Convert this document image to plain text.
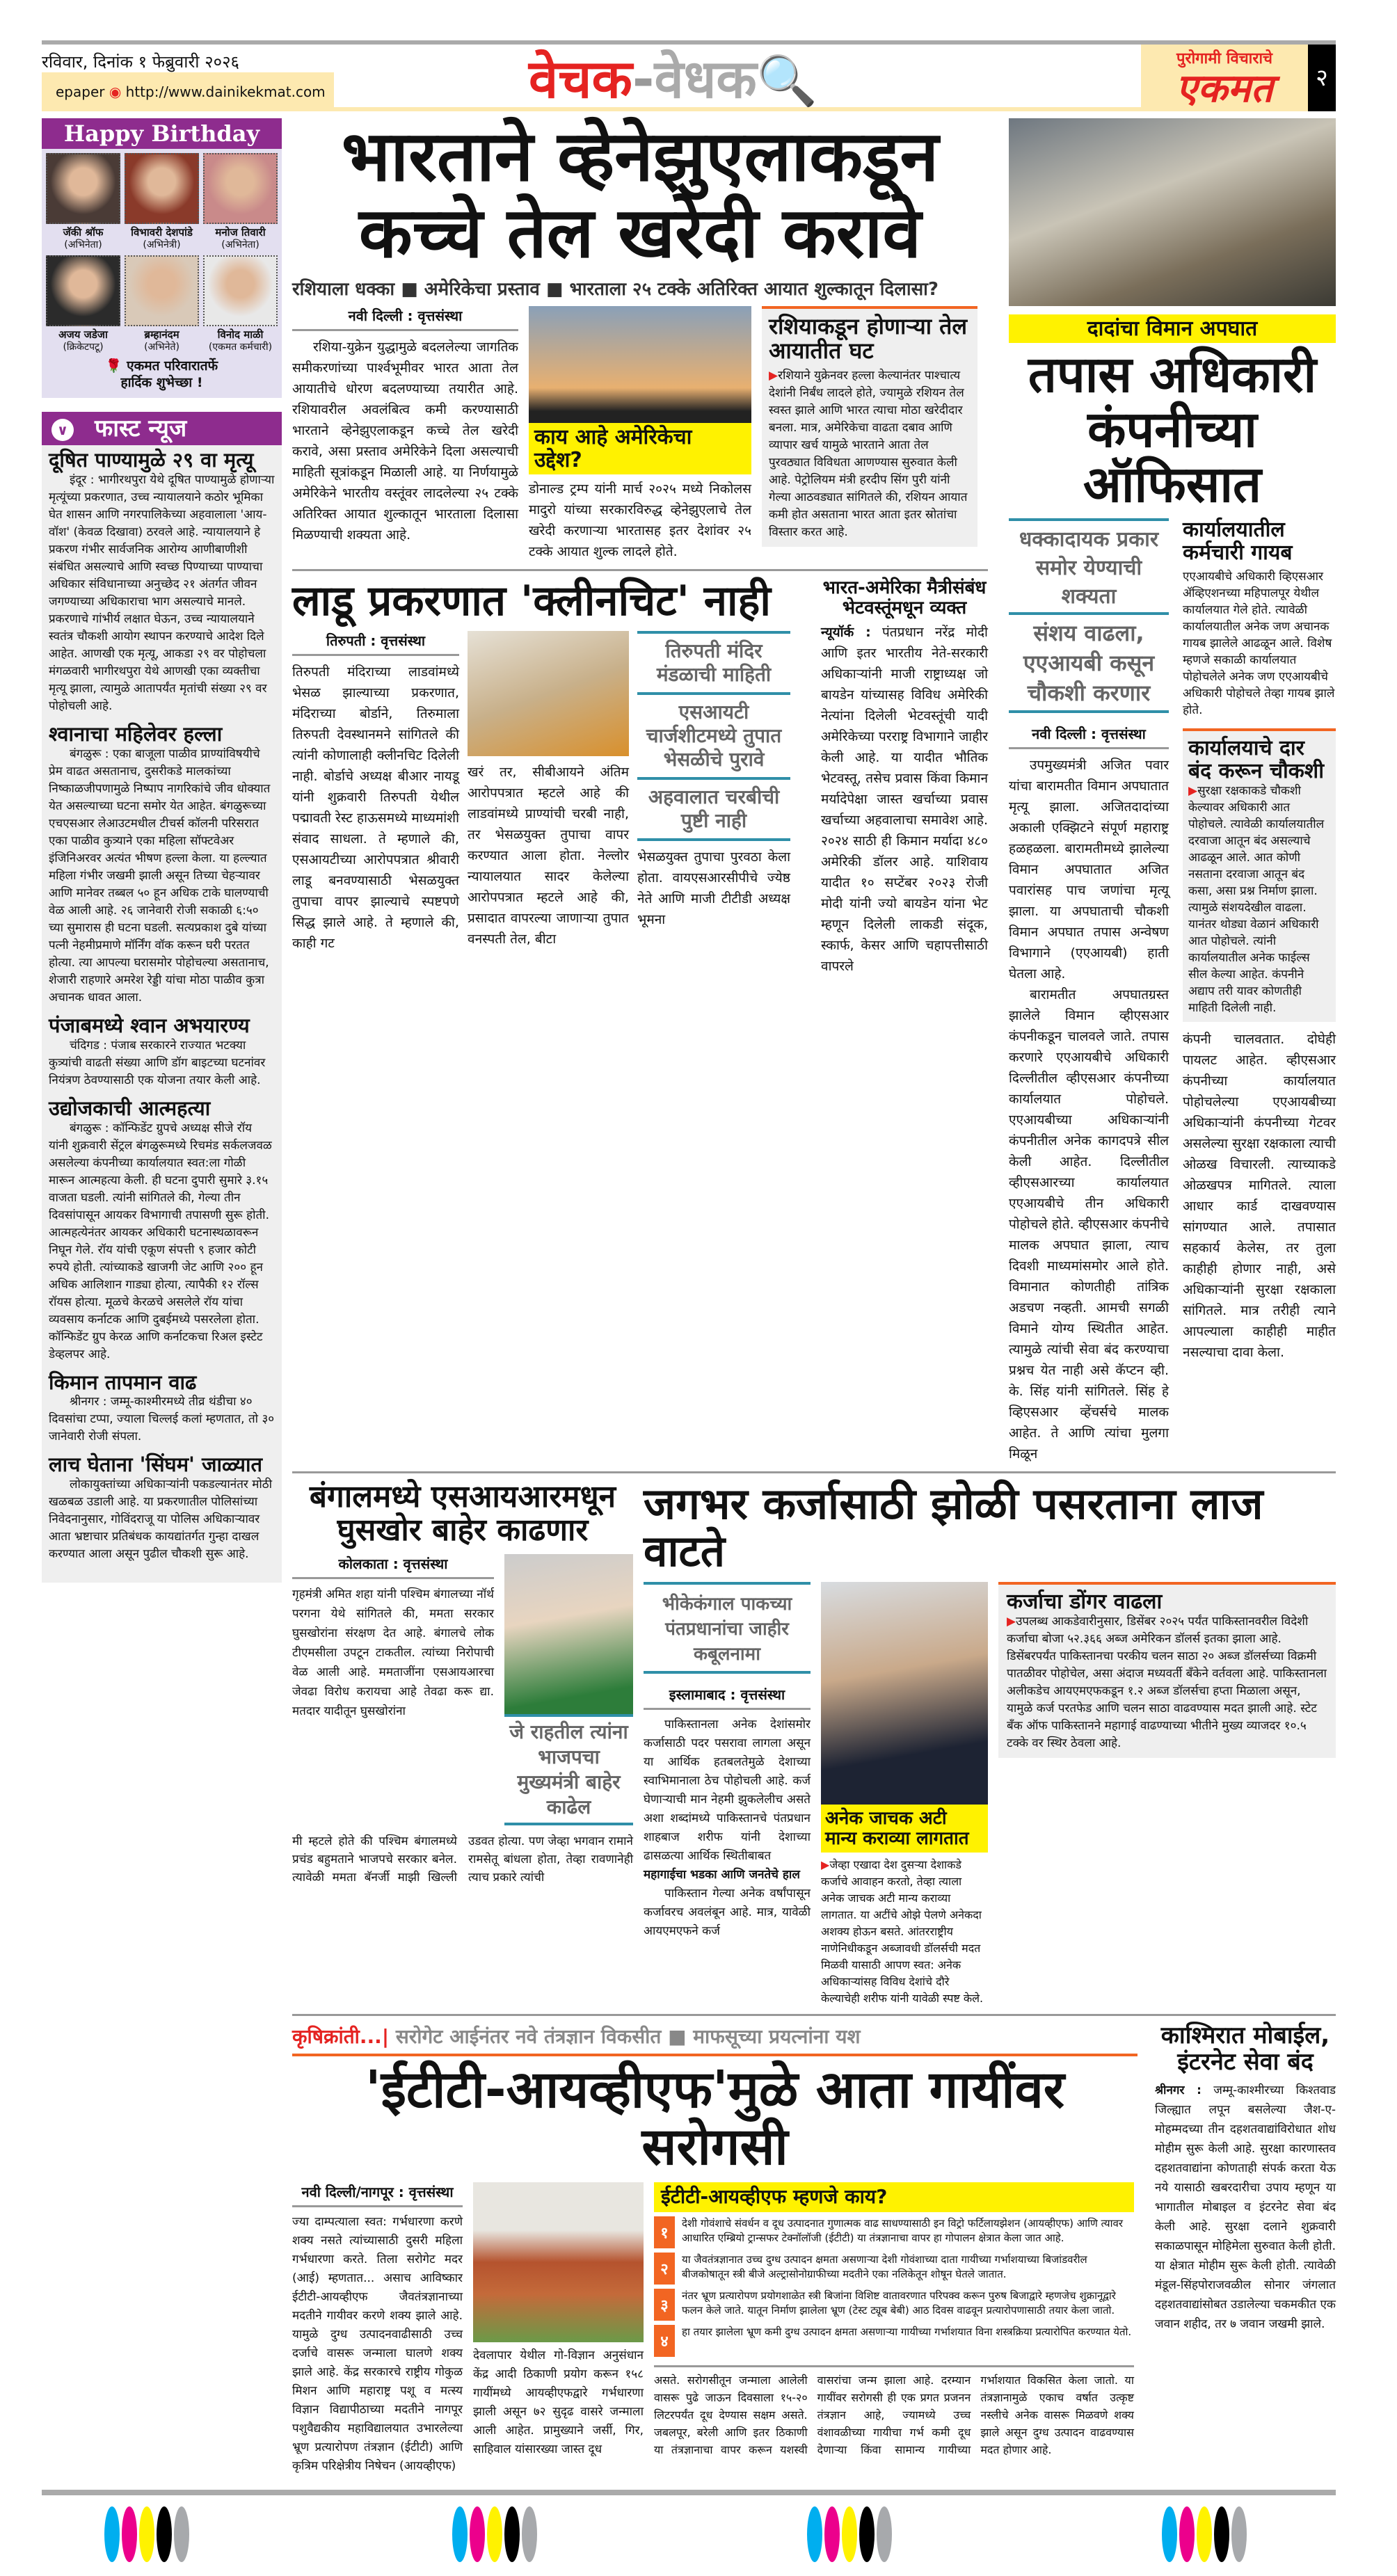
रविवार, दिनांक १ फेब्रुवारी २०२६
epaper ◉ http://www.dainikekmat.com	वेचक-वेधक🔍	पुरोगामी विचाराचे
एकमत	२
Happy Birthday
जॅकी श्रॉफ
(अभिनेता)
विभावरी देशपांडे
(अभिनेत्री)
मनोज तिवारी
(अभिनेता)
अजय जडेजा
(क्रिकेटपटू)
ब्रम्हानंदम
(अभिनेते)
विनोद माळी
(एकमत कर्मचारी)
🌹 एकमत परिवारातर्फे
हार्दिक शुभेच्छा !
∨ फास्ट न्यूज
दूषित पाण्यामुळे २९ वा मृत्यू
इंदूर : भागीरथपुरा येथे दूषित पाण्यामुळे होणाऱ्या मृत्यूंच्या प्रकरणात, उच्च न्यायालयाने कठोर भूमिका घेत शासन आणि नगरपालिकेच्या अहवालाला 'आय-वॉश' (केवळ दिखावा) ठरवले आहे. न्यायालयाने हे प्रकरण गंभीर सार्वजनिक आरोग्य आणीबाणीशी संबंधित असल्याचे आणि स्वच्छ पिण्याच्या पाण्याचा अधिकार संविधानाच्या अनुच्छेद २१ अंतर्गत जीवन जगण्याच्या अधिकाराचा भाग असल्याचे मानले. प्रकरणाचे गांभीर्य लक्षात घेऊन, उच्च न्यायालयाने स्वतंत्र चौकशी आयोग स्थापन करण्याचे आदेश दिले आहेत. आणखी एक मृत्यू, आकडा २९ वर पोहोचला मंगळवारी भागीरथपुरा येथे आणखी एका व्यक्तीचा मृत्यू झाला, त्यामुळे आतापर्यंत मृतांची संख्या २९ वर पोहोचली आहे.
श्वानाचा महिलेवर हल्ला
बंगळुरू : एका बाजूला पाळीव प्राण्यांविषयीचे प्रेम वाढत असतानाच, दुसरीकडे मालकांच्या निष्काळजीपणामुळे निष्पाप नागरिकांचे जीव धोक्यात येत असल्याच्या घटना समोर येत आहेत. बंगळुरूच्या एचएसआर लेआउटमधील टीचर्स कॉलनी परिसरात एका पाळीव कुत्र्याने एका महिला सॉफ्टवेअर इंजिनिअरवर अत्यंत भीषण हल्ला केला. या हल्ल्यात महिला गंभीर जखमी झाली असून तिच्या चेहऱ्यावर आणि मानेवर तब्बल ५० हून अधिक टाके घालण्याची वेळ आली आहे. २६ जानेवारी रोजी सकाळी ६:५० च्या सुमारास ही घटना घडली. सत्यप्रकाश दुबे यांच्या पत्नी नेहमीप्रमाणे मॉर्निंग वॉक करून घरी परतत होत्या. त्या आपल्या घरासमोर पोहोचल्या असतानाच, शेजारी राहणारे अमरेश रेड्डी यांचा मोठा पाळीव कुत्रा अचानक धावत आला.
पंजाबमध्ये श्वान अभयारण्य
चंदिगड : पंजाब सरकारने राज्यात भटक्या कुत्र्यांची वाढती संख्या आणि डॉग बाइटच्या घटनांवर नियंत्रण ठेवण्यासाठी एक योजना तयार केली आहे.
उद्योजकाची आत्महत्या
बंगळुरू : कॉन्फिडेंट ग्रुपचे अध्यक्ष सीजे रॉय यांनी शुक्रवारी सेंट्रल बंगळुरूमध्ये रिचमंड सर्कलजवळ असलेल्या कंपनीच्या कार्यालयात स्वत:ला गोळी मारून आत्महत्या केली. ही घटना दुपारी सुमारे ३.१५ वाजता घडली. त्यांनी सांगितले की, गेल्या तीन दिवसांपासून आयकर विभागाची तपासणी सुरू होती. आत्महत्येनंतर आयकर अधिकारी घटनास्थळावरून निघून गेले. रॉय यांची एकूण संपत्ती ९ हजार कोटी रुपये होती. त्यांच्याकडे खाजगी जेट आणि २०० हून अधिक आलिशान गाड्या होत्या, त्यापैकी १२ रॉल्स रॉयस होत्या. मूळचे केरळचे असलेले रॉय यांचा व्यवसाय कर्नाटक आणि दुबईमध्ये पसरलेला होता. कॉन्फिडेंट ग्रुप केरळ आणि कर्नाटकचा रिअल इस्टेट डेव्हलपर आहे.
किमान तापमान वाढ
श्रीनगर : जम्मू-काश्मीरमध्ये तीव्र थंडीचा ४० दिवसांचा टप्पा, ज्याला चिल्लई कलां म्हणतात, तो ३० जानेवारी रोजी संपला.
लाच घेताना 'सिंघम' जाळ्यात
लोकायुक्तांच्या अधिकाऱ्यांनी पकडल्यानंतर मोठी खळबळ उडाली आहे. या प्रकरणातील पोलिसांच्या निवेदनानुसार, गोविंदराजू या पोलिस अधिकाऱ्यावर आता भ्रष्टाचार प्रतिबंधक कायद्यांतर्गत गुन्हा दाखल करण्यात आला असून पुढील चौकशी सुरू आहे.
भारताने व्हेनेझुएलाकडून
कच्चे तेल खरेदी करावे
रशियाला धक्का ■ अमेरिकेचा प्रस्ताव ■ भारताला २५ टक्के अतिरिक्त आयात शुल्कातून दिलासा?
नवी दिल्ली : वृत्तसंस्था

रशिया-युक्रेन युद्धामुळे बदललेल्या जागतिक समीकरणांच्या पार्श्वभूमीवर भारत आता तेल आयातीचे धोरण बदलण्याच्या तयारीत आहे. रशियावरील अवलंबित्व कमी करण्यासाठी भारताने व्हेनेझुएलाकडून कच्चे तेल खरेदी करावे, असा प्रस्ताव अमेरिकेने दिला असल्याची माहिती सूत्रांकडून मिळाली आहे. या निर्णयामुळे अमेरिकेने भारतीय वस्तूंवर लादलेल्या २५ टक्के अतिरिक्त आयात शुल्कातून भारताला दिलासा मिळण्याची शक्यता आहे.

काय आहे अमेरिकेचा उद्देश?
डोनाल्ड ट्रम्प यांनी मार्च २०२५ मध्ये निकोलस मादुरो यांच्या सरकारविरुद्ध व्हेनेझुएलाचे तेल खरेदी करणाऱ्या भारतासह इतर देशांवर २५ टक्के आयात शुल्क लादले होते.
रशियाकडून होणाऱ्या तेल आयातीत घट
▶ रशियाने युक्रेनवर हल्ला केल्यानंतर पाश्चात्य देशांनी निर्बंध लादले होते, ज्यामुळे रशियन तेल स्वस्त झाले आणि भारत त्याचा मोठा खरेदीदार बनला. मात्र, अमेरिकेचा वाढता दबाव आणि व्यापार खर्च यामुळे भारताने आता तेल पुरवठ्यात विविधता आणण्यास सुरुवात केली आहे. पेट्रोलियम मंत्री हरदीप सिंग पुरी यांनी गेल्या आठवड्यात सांगितले की, रशियन आयात कमी होत असताना भारत आता इतर स्रोतांचा विस्तार करत आहे.
लाडू प्रकरणात 'क्लीनचिट' नाही
तिरुपती : वृत्तसंस्था
तिरुपती मंदिराच्या लाडवांमध्ये भेसळ झाल्याच्या प्रकरणात, मंदिराच्या बोर्डाने, तिरुमाला तिरुपती देवस्थानमने सांगितले की त्यांनी कोणालाही क्लीनचिट दिलेली नाही. बोर्डाचे अध्यक्ष बीआर नायडू यांनी शुक्रवारी तिरुपती येथील पद्मावती रेस्ट हाऊसमध्ये माध्यमांशी संवाद साधला. ते म्हणाले की, एसआयटीच्या आरोपपत्रात श्रीवारी लाडू बनवण्यासाठी भेसळयुक्त तुपाचा वापर झाल्याचे स्पष्टपणे सिद्ध झाले आहे. ते म्हणाले की, काही गट
खरं तर, सीबीआयने अंतिम आरोपपत्रात म्हटले आहे की लाडवांमध्ये प्राण्यांची चरबी नाही, तर भेसळयुक्त तुपाचा वापर करण्यात आला होता. नेल्लोर न्यायालयात सादर केलेल्या आरोपपत्रात म्हटले आहे की, प्रसादात वापरल्या जाणाऱ्या तुपात वनस्पती तेल, बीटा
तिरुपती मंदिर मंडळाची माहिती
एसआयटी चार्जशीटमध्ये तुपात भेसळीचे पुरावे
अहवालात चरबीची पुष्टी नाही
भेसळयुक्त तुपाचा पुरवठा केला होता. वायएसआरसीपीचे ज्येष्ठ नेते आणि माजी टीटीडी अध्यक्ष भूमना
भारत-अमेरिका मैत्रीसंबंध भेटवस्तूंमधून व्यक्त
न्यूयॉर्क : पंतप्रधान नरेंद्र मोदी आणि इतर भारतीय नेते-सरकारी अधिकाऱ्यांनी माजी राष्ट्राध्यक्ष जो बायडेन यांच्यासह विविध अमेरिकी नेत्यांना दिलेली भेटवस्तूंची यादी अमेरिकेच्या परराष्ट्र विभागाने जाहीर केली आहे. या यादीत भौतिक भेटवस्तू, तसेच प्रवास किंवा किमान मर्यादेपेक्षा जास्त खर्चाच्या प्रवास खर्चाच्या अहवालाचा समावेश आहे. २०२४ साठी ही किमान मर्यादा ४८० अमेरिकी डॉलर आहे. याशिवाय यादीत १० सप्टेंबर २०२३ रोजी मोदी यांनी ज्यो बायडेन यांना भेट म्हणून दिलेली लाकडी संदूक, स्कार्फ, केसर आणि चहापत्तीसाठी वापरले
दादांचा विमान अपघात
तपास अधिकारी
कंपनीच्या ऑफिसात
धक्कादायक प्रकार समोर येण्याची शक्यता
संशय वाढला, एएआयबी कसून चौकशी करणार
नवी दिल्ली : वृत्तसंस्था

उपमुख्यमंत्री अजित पवार यांचा बारामतीत विमान अपघातात मृत्यू झाला. अजितदादांच्या अकाली एक्झिटने संपूर्ण महाराष्ट्र हळहळला. बारामतीमध्ये झालेल्या विमान अपघातात अजित पवारांसह पाच जणांचा मृत्यू झाला. या अपघाताची चौकशी विमान अपघात तपास अन्वेषण विभागाने (एएआयबी) हाती घेतला आहे.

बारामतीत अपघातग्रस्त झालेले विमान व्हीएसआर कंपनीकडून चालवले जाते. तपास करणारे एएआयबीचे अधिकारी दिल्लीतील व्हीएसआर कंपनीच्या कार्यालयात पोहोचले. एएआयबीच्या अधिकाऱ्यांनी कंपनीतील अनेक कागदपत्रे सील केली आहेत. दिल्लीतील व्हीएसआरच्या कार्यालयात एएआयबीचे तीन अधिकारी पोहोचले होते. व्हीएसआर कंपनीचे मालक अपघात झाला, त्याच दिवशी माध्यमांसमोर आले होते. विमानात कोणतीही तांत्रिक अडचण नव्हती. आमची सगळी विमाने योग्य स्थितीत आहेत. त्यामुळे त्यांची सेवा बंद करण्याचा प्रश्नच येत नाही असे कॅप्टन व्ही. के. सिंह यांनी सांगितले. सिंह हे व्हिएसआर व्हेंचर्सचे मालक आहेत. ते आणि त्यांचा मुलगा मिळून

कार्यालयातील कर्मचारी गायब
एएआयबीचे अधिकारी व्हिएसआर ॲव्हिएशनच्या महिपालपूर येथील कार्यालयात गेले होते. त्यावेळी कार्यालयातील अनेक जण अचानक गायब झालेले आढळून आले. विशेष म्हणजे सकाळी कार्यालयात पोहोचलेले अनेक जण एएआयबीचे अधिकारी पोहोचले तेव्हा गायब झाले होते.
कार्यालयाचे दार बंद करून चौकशी
▶ सुरक्षा रक्षकाकडे चौकशी केल्यावर अधिकारी आत पोहोचले. त्यावेळी कार्यालयातील दरवाजा आतून बंद असल्याचे आढळून आले. आत कोणी नसताना दरवाजा आतून बंद कसा, असा प्रश्न निर्माण झाला. त्यामुळे संशयदेखील वाढला. यानंतर थोड्या वेळानं अधिकारी आत पोहोचले. त्यांनी कार्यालयातील अनेक फाईल्स सील केल्या आहेत. कंपनीने अद्याप तरी यावर कोणतीही माहिती दिलेली नाही.
कंपनी चालवतात. दोघेही पायलट आहेत. व्हीएसआर कंपनीच्या कार्यालयात पोहोचलेल्या एएआयबीच्या अधिकाऱ्यांनी कंपनीच्या गेटवर असलेल्या सुरक्षा रक्षकाला त्याची ओळख विचारली. त्याच्याकडे ओळखपत्र मागितले. त्याला आधार कार्ड दाखवण्यास सांगण्यात आले. तपासात सहकार्य केलेस, तर तुला काहीही होणार नाही, असे अधिकाऱ्यांनी सुरक्षा रक्षकाला सांगितले. मात्र तरीही त्याने आपल्याला काहीही माहीत नसल्याचा दावा केला.
बंगालमध्ये एसआयआरमधून घुसखोर बाहेर काढणार
कोलकाता : वृत्तसंस्था
गृहमंत्री अमित शहा यांनी पश्चिम बंगालच्या नॉर्थ परगना येथे सांगितले की, ममता सरकार घुसखोरांना संरक्षण देत आहे. बंगालचे लोक टीएमसीला उपटून टाकतील. त्यांच्या निरोपाची वेळ आली आहे. ममताजींना एसआयआरचा जेवढा विरोध करायचा आहे तेवढा करू द्या. मतदार यादीतून घुसखोरांना
जे राहतील त्यांना भाजपचा मुख्यमंत्री बाहेर काढेल
मी म्हटले होते की पश्चिम बंगालमध्ये प्रचंड बहुमताने भाजपचे सरकार बनेल. त्यावेळी ममता बॅनर्जी माझी खिल्ली उडवत होत्या. पण जेव्हा भगवान रामाने रामसेतू बांधला होता, तेव्हा रावणानेही त्याच प्रकारे त्यांची
जगभर कर्जासाठी झोळी पसरताना लाज वाटते
भीकेकंगाल पाकच्या पंतप्रधानांचा जाहीर कबूलनामा
इस्लामाबाद : वृत्तसंस्था

पाकिस्तानला अनेक देशांसमोर कर्जासाठी पदर पसरावा लागला असून या आर्थिक हतबलतेमुळे देशाच्या स्वाभिमानाला ठेच पोहोचली आहे. कर्ज घेणाऱ्याची मान नेहमी झुकलेलीच असते अशा शब्दांमध्ये पाकिस्तानचे पंतप्रधान शाहबाज शरीफ यांनी देशाच्या ढासळत्या आर्थिक स्थितीबाबत

महागाईचा भडका आणि जनतेचे हाल

पाकिस्तान गेल्या अनेक वर्षांपासून कर्जावरच अवलंबून आहे. मात्र, यावेळी आयएमएफने कर्ज

अनेक जाचक अटी मान्य कराव्या लागतात
▶ जेव्हा एखादा देश दुसऱ्या देशाकडे कर्जाचे आवाहन करतो, तेव्हा त्याला अनेक जाचक अटी मान्य कराव्या लागतात. या अटींचे ओझे पेलणे अनेकदा अशक्य होऊन बसते. आंतरराष्ट्रीय नाणेनिधीकडून अब्जावधी डॉलर्सची मदत मिळवी यासाठी आपण स्वत: अनेक अधिकाऱ्यांसह विविध देशांचे दौरे केल्याचेही शरीफ यांनी यावेळी स्पष्ट केले.
कर्जाचा डोंगर वाढला
▶ उपलब्ध आकडेवारीनुसार, डिसेंबर २०२५ पर्यंत पाकिस्तानवरील विदेशी कर्जाचा बोजा ५२.३६६ अब्ज अमेरिकन डॉलर्स इतका झाला आहे. डिसेंबरपर्यंत पाकिस्तानचा परकीय चलन साठा २० अब्ज डॉलर्सच्या विक्रमी पातळीवर पोहोचेल, असा अंदाज मध्यवर्ती बँकेने वर्तवला आहे. पाकिस्तानला अलीकडेच आयएमएफकडून १.२ अब्ज डॉलर्सचा हप्ता मिळाला असून, यामुळे कर्ज परतफेड आणि चलन साठा वाढवण्यास मदत झाली आहे. स्टेट बँक ऑफ पाकिस्तानने महागाई वाढण्याच्या भीतीने मुख्य व्याजदर १०.५ टक्के वर स्थिर ठेवला आहे.
कृषिक्रांती...| सरोगेट आईनंतर नवे तंत्रज्ञान विकसीत ■ माफसूच्या प्रयत्नांना यश
'ईटीटी-आयव्हीएफ'मुळे आता गायींवर सरोगसी
नवी दिल्ली/नागपूर : वृत्तसंस्था
ज्या दाम्पत्याला स्वत: गर्भधारणा करणे शक्य नसते त्यांच्यासाठी दुसरी महिला गर्भधारणा करते. तिला सरोगेट मदर (आई) म्हणतात... असाच आविष्कार ईटीटी-आयव्हीएफ जैवतंत्रज्ञानाच्या मदतीने गायीवर करणे शक्य झाले आहे. यामुळे दुग्ध उत्पादनवाढीसाठी उच्च दर्जाचे वासरू जन्माला घालणे शक्य झाले आहे. केंद्र सरकारचे राष्ट्रीय गोकुळ मिशन आणि महाराष्ट्र पशू व मत्स्य विज्ञान विद्यापीठाच्या मदतीने नागपूर पशुवैद्यकीय महाविद्यालयात उभारलेल्या भ्रूण प्रत्यारोपण तंत्रज्ञान (ईटीटी) आणि कृत्रिम परिक्षेत्रीय निषेचन (आयव्हीएफ)
देवलापार येथील गो-विज्ञान अनुसंधान केंद्र आदी ठिकाणी प्रयोग करून १५८ गायींमध्ये आयव्हीएफद्वारे गर्भधारणा झाली असून ७२ सुदृढ वासरे जन्माला आली आहेत. प्रामुख्याने जर्सी, गिर, साहिवाल यांसारख्या जास्त दूध
ईटीटी-आयव्हीएफ म्हणजे काय?
१
देशी गोवंशाचे संवर्धन व दूध उत्पादनात गुणात्मक वाढ साधण्यासाठी इन विट्रो फर्टिलायझेशन (आयव्हीएफ) आणि त्यावर आधारित एम्ब्रियो ट्रान्सफर टेक्नॉलॉजी (ईटीटी) या तंत्रज्ञानाचा वापर हा गोपालन क्षेत्रात केला जात आहे.
२
या जैवतंत्रज्ञानात उच्च दुग्ध उत्पादन क्षमता असणाऱ्या देशी गोवंशाच्या दाता गायीच्या गर्भाशयाच्या बिजांडवरील बीजकोषातून स्त्री बीजे अल्ट्रासोनोग्राफीच्या मदतीने एका नलिकेतून शोषून घेतले जातात.
३
नंतर भ्रूण प्रत्यारोपण प्रयोगशाळेत स्त्री बिजांना विशिष्ट वातावरणात परिपक्व करून पुरुष बिजाद्वारे म्हणजेच शुक्रानूद्वारे फलन केले जाते. यातून निर्माण झालेला भ्रूण (टेस्ट ट्यूब बेबी) आठ दिवस वाढवून प्रत्यारोपणासाठी तयार केला जातो.
४
हा तयार झालेला भ्रूण कमी दुग्ध उत्पादन क्षमता असणाऱ्या गायीच्या गर्भाशयात विना शस्त्रक्रिया प्रत्यारोपित करण्यात येतो.
असते. सरोगसीतून जन्माला आलेली वासरू पुढे जाऊन दिवसाला १५-२० लिटरपर्यंत दूध देण्यास सक्षम असते. जबलपूर, बरेली आणि इतर ठिकाणी या तंत्रज्ञानाचा वापर करून यशस्वी वासरांचा जन्म झाला आहे. दरम्यान गायींवर सरोगसी ही एक प्रगत प्रजनन तंत्रज्ञान आहे, ज्यामध्ये उच्च वंशावळीच्या गायीचा गर्भ कमी दूध देणाऱ्या किंवा सामान्य गायीच्या गर्भाशयात विकसित केला जातो. या तंत्रज्ञानामुळे एकाच वर्षात उत्कृष्ट नस्लीचे अनेक वासरू मिळवणे शक्य झाले असून दुग्ध उत्पादन वाढवण्यास मदत होणार आहे.
काश्मिरात मोबाईल, इंटरनेट सेवा बंद
श्रीनगर : जम्मू-काश्मीरच्या किश्तवाड जिल्ह्यात लपून बसलेल्या जैश-ए-मोहम्मदच्या तीन दहशतवाद्यांविरोधात शोध मोहीम सुरू केली आहे. सुरक्षा कारणास्तव दहशतवाद्यांना कोणताही संपर्क करता येऊ नये यासाठी खबरदारीचा उपाय म्हणून या भागातील मोबाइल व इंटरनेट सेवा बंद केली आहे. सुरक्षा दलाने शुक्रवारी सकाळपासून मोहिमेला सुरुवात केली होती. या क्षेत्रात मोहीम सुरू केली होती. त्यावेळी मंडूल-सिंहपोराजवळील सोनार जंगलात दहशतवाद्यांसोबत उडालेल्या चकमकीत एक जवान शहीद, तर ७ जवान जखमी झाले.
